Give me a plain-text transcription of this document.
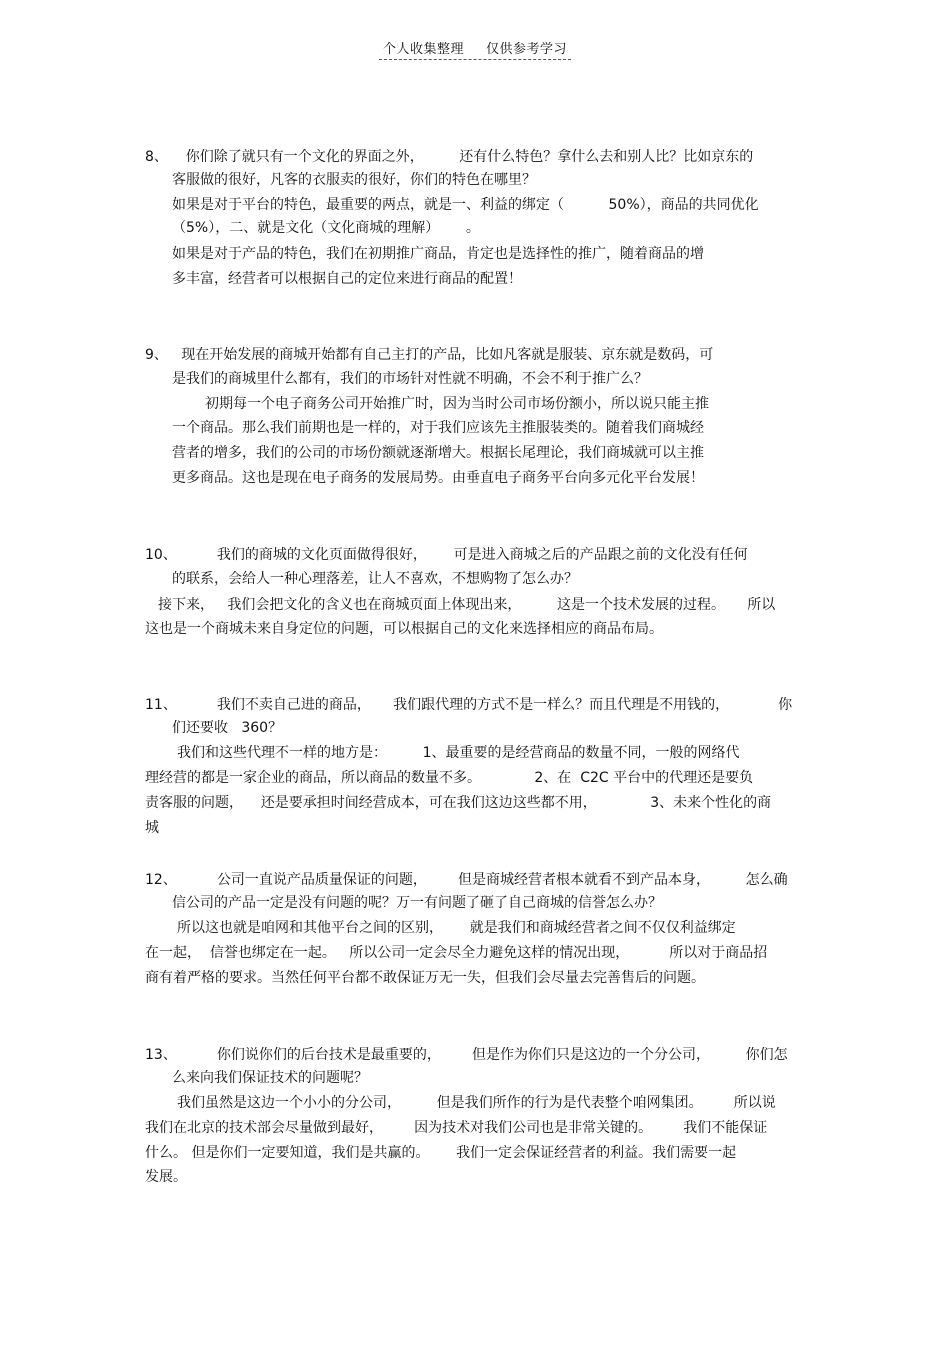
个人收集整理 仅供参考学习
8、    你们除了就只有一个文化的界面之外，        还有什么特色？拿什么去和别人比？比如京东的
客服做的很好，凡客的衣服卖的很好，你们的特色在哪里？
如果是对于平台的特色，最重要的两点，就是一、利益的绑定（          50%），商品的共同优化
（5%），二、就是文化（文化商城的理解）      。
如果是对于产品的特色，我们在初期推广商品，肯定也是选择性的推广，随着商品的增
多丰富，经营者可以根据自己的定位来进行商品的配置！
9、   现在开始发展的商城开始都有自己主打的产品，比如凡客就是服装、京东就是数码，可
是我们的商城里什么都有，我们的市场针对性就不明确，不会不利于推广么？
初期每一个电子商务公司开始推广时，因为当时公司市场份额小，所以说只能主推
一个商品。那么我们前期也是一样的，对于我们应该先主推服装类的。随着我们商城经
营者的增多，我们的公司的市场份额就逐渐增大。根据长尾理论，我们商城就可以主推
更多商品。这也是现在电子商务的发展局势。由垂直电子商务平台向多元化平台发展！
10、         我们的商城的文化页面做得很好，      可是进入商城之后的产品跟之前的文化没有任何
的联系，会给人一种心理落差，让人不喜欢，不想购物了怎么办？
接下来，   我们会把文化的含义也在商城页面上体现出来，        这是一个技术发展的过程。     所以
这也是一个商城未来自身定位的问题，可以根据自己的文化来选择相应的商品布局。
11、         我们不卖自己进的商品，     我们跟代理的方式不是一样么？而且代理是不用钱的，           你
们还要收   360？
我们和这些代理不一样的地方是：        1、最重要的是经营商品的数量不同，一般的网络代
理经营的都是一家企业的商品，所以商品的数量不多。            2、在  C2C 平台中的代理还是要负
责客服的问题，    还是要承担时间经营成本，可在我们这边这些都不用，            3、未来个性化的商
城
12、         公司一直说产品质量保证的问题，       但是商城经营者根本就看不到产品本身，        怎么确
信公司的产品一定是没有问题的呢？万一有问题了砸了自己商城的信誉怎么办？
所以这也就是咱网和其他平台之间的区别，      就是我们和商城经营者之间不仅仅利益绑定
在一起，  信誉也绑定在一起。   所以公司一定会尽全力避免这样的情况出现，         所以对于商品招
商有着严格的要求。当然任何平台都不敢保证万无一失，但我们会尽量去完善售后的问题。
13、         你们说你们的后台技术是最重要的，       但是作为你们只是这边的一个分公司，        你们怎
么来向我们保证技术的问题呢？
我们虽然是这边一个小小的分公司，        但是我们所作的行为是代表整个咱网集团。       所以说
我们在北京的技术部会尽量做到最好，       因为技术对我们公司也是非常关键的。       我们不能保证
什么。 但是你们一定要知道，我们是共赢的。      我们一定会保证经营者的利益。我们需要一起
发展。
